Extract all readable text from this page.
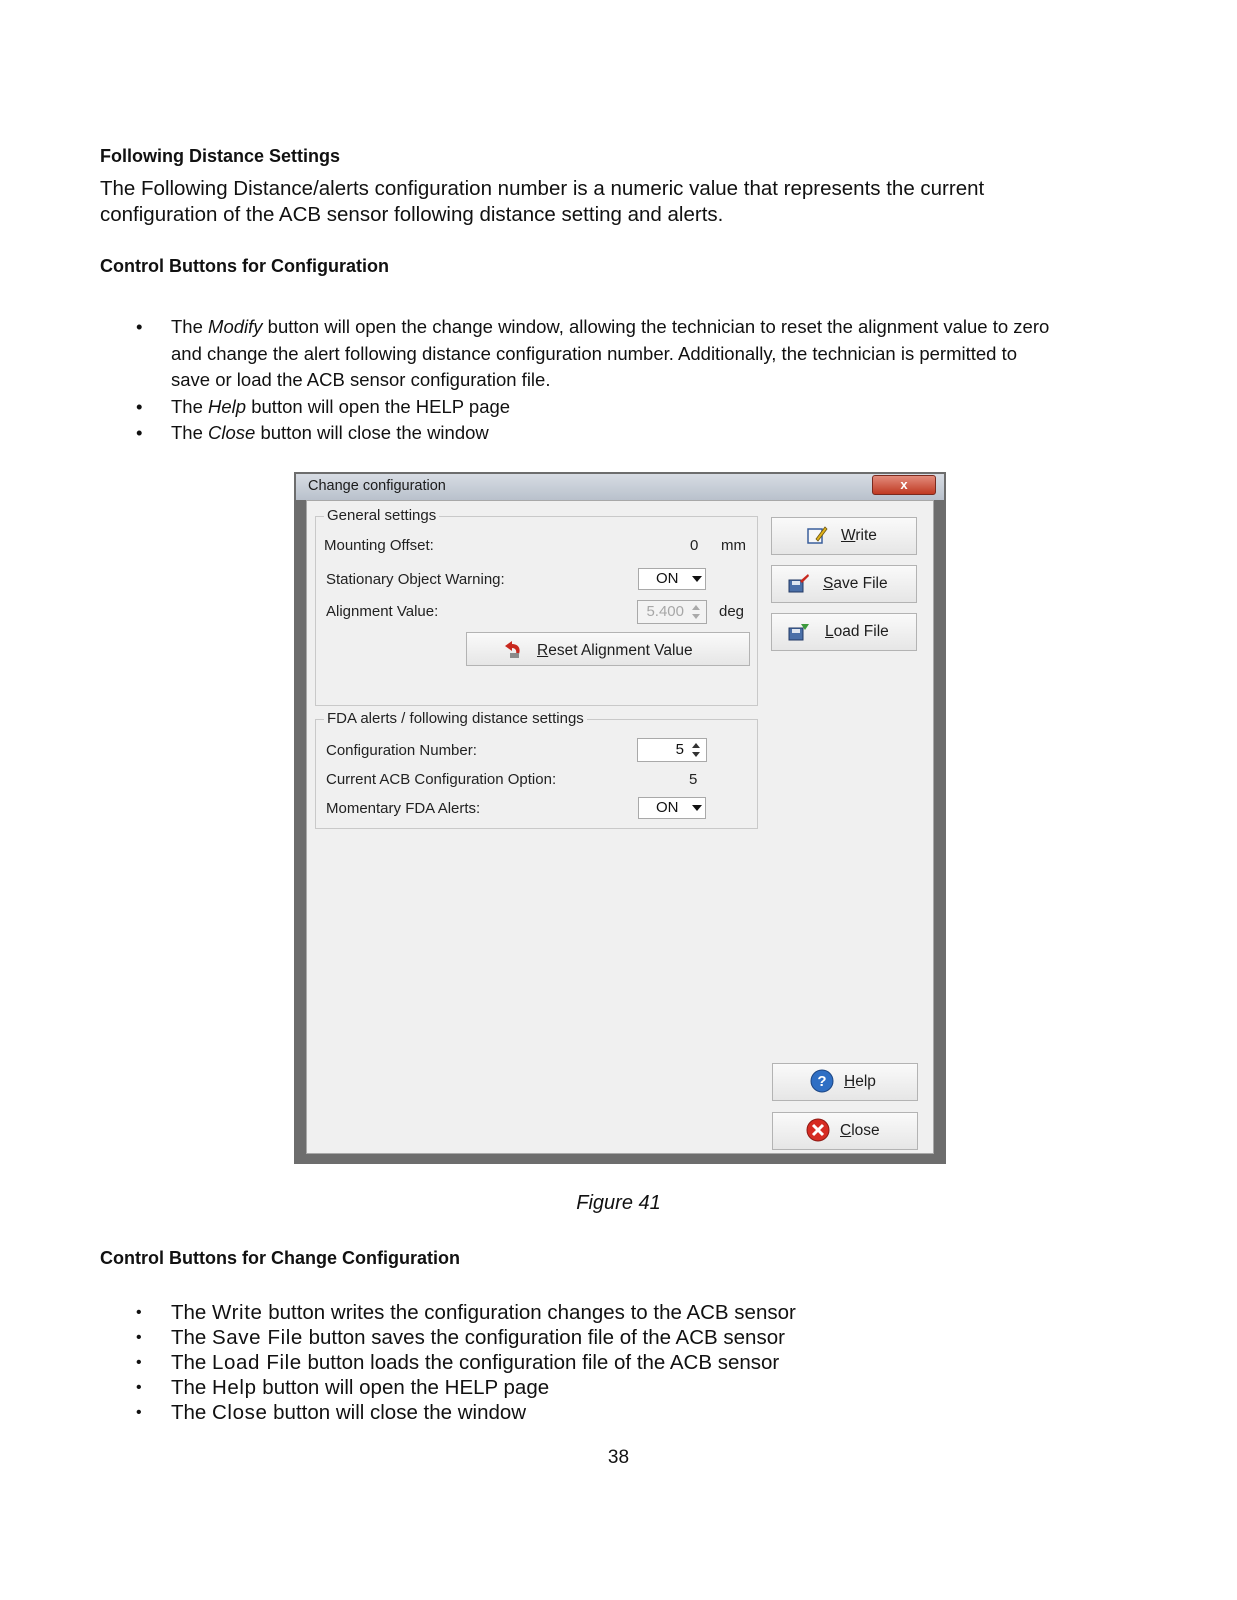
Following Distance Settings
The Following Distance/alerts configuration number is a numeric value that represents the current
configuration of the ACB sensor following distance setting and alerts.
Control Buttons for Configuration
• The Modify button will open the change window, allowing the technician to reset the alignment value to zero
and change the alert following distance configuration number. Additionally, the technician is permitted to
save or load the ACB sensor configuration file.
• The Help button will open the HELP page
• The Close button will close the window
Change configuration	x
General settings
Mounting Offset:	0 mm
Stationary Object Warning:	ON
Alignment Value:	5.400 deg
Reset Alignment Value
FDA alerts / following distance settings
Configuration Number:	5
Current ACB Configuration Option:	5
Momentary FDA Alerts:	ON
Write
Save File
Load File
? Help
Close
Figure 41
Control Buttons for Change Configuration
• The Write button writes the configuration changes to the ACB sensor
• The Save File button saves the configuration file of the ACB sensor
• The Load File button loads the configuration file of the ACB sensor
• The Help button will open the HELP page
• The Close button will close the window
38
